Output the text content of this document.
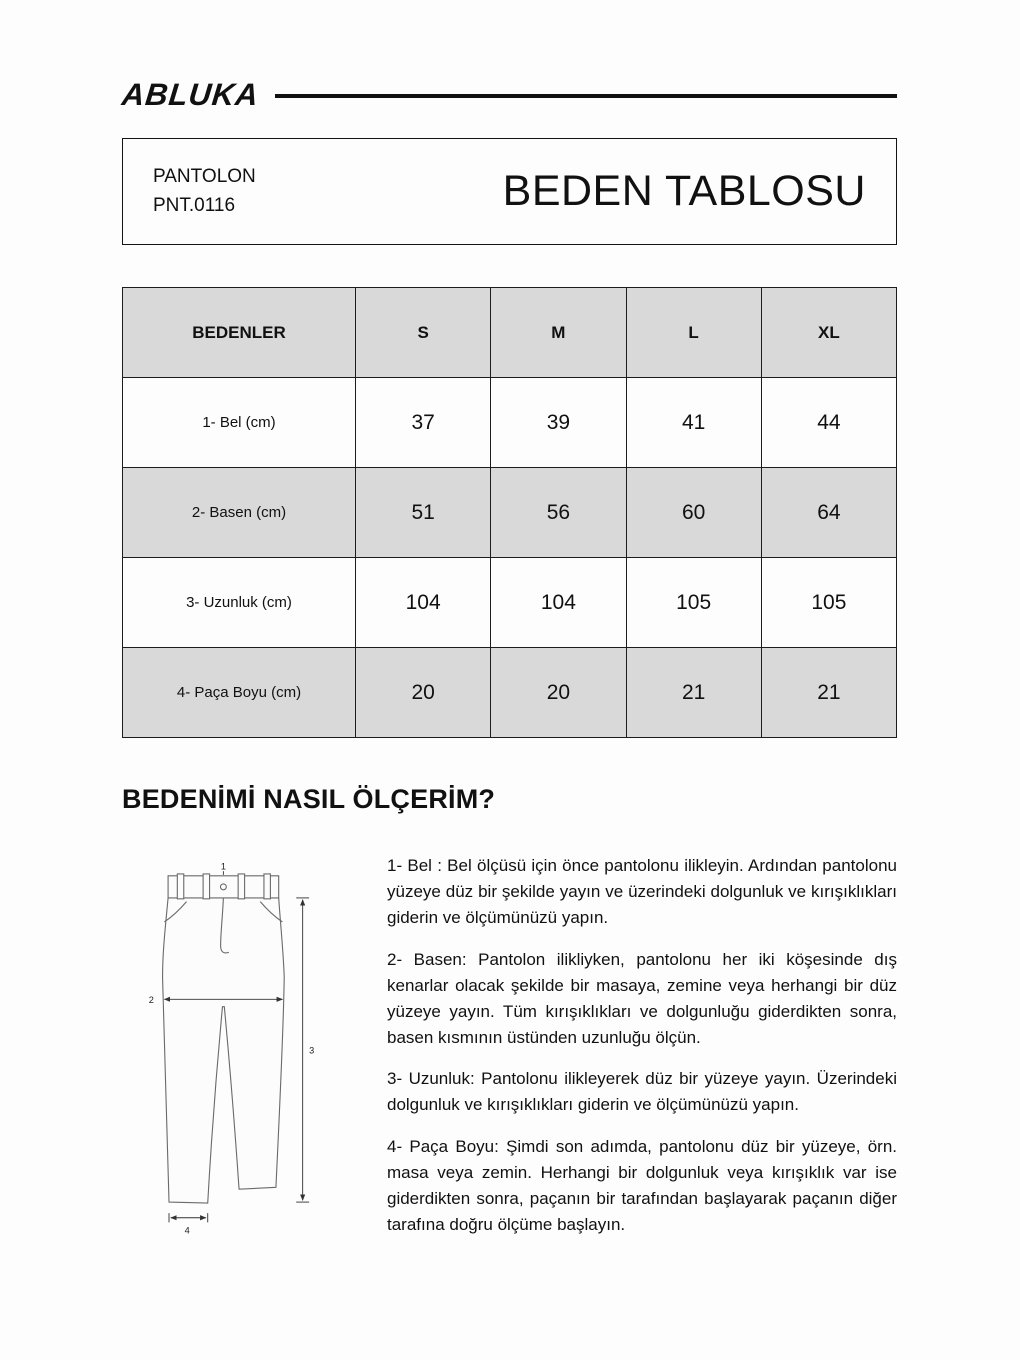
ABLUKA
PANTOLON
PNT.0116	BEDEN TABLOSU
BEDENLER	S	M	L	XL
1- Bel (cm)	37	39	41	44
2- Basen (cm)	51	56	60	64
3- Uzunluk (cm)	104	104	105	105
4- Paça Boyu (cm)	20	20	21	21
BEDENİMİ NASIL ÖLÇERİM?
1
2
3
4

1- Bel : Bel ölçüsü için önce pantolonu ilikleyin. Ardından pantolonu yüzeye düz bir şekilde yayın ve üzerindeki dolgunluk ve kırışıklıkları giderin ve ölçümünüzü yapın.

2- Basen: Pantolon ilikliyken, pantolonu her iki köşesinde dış kenarlar olacak şekilde bir masaya, zemine veya herhangi bir düz yüzeye yayın. Tüm kırışıklıkları ve dolgunluğu giderdikten sonra, basen kısmının üstünden uzunluğu ölçün.

3- Uzunluk: Pantolonu ilikleyerek düz bir yüzeye yayın. Üzerindeki dolgunluk ve kırışıklıkları giderin ve ölçümünüzü yapın.

4- Paça Boyu: Şimdi son adımda, pantolonu düz bir yüzeye, örn. masa veya zemin. Herhangi bir dolgunluk veya kırışıklık var ise giderdikten sonra, paçanın bir tarafından başlayarak paçanın diğer tarafına doğru ölçüme başlayın.
